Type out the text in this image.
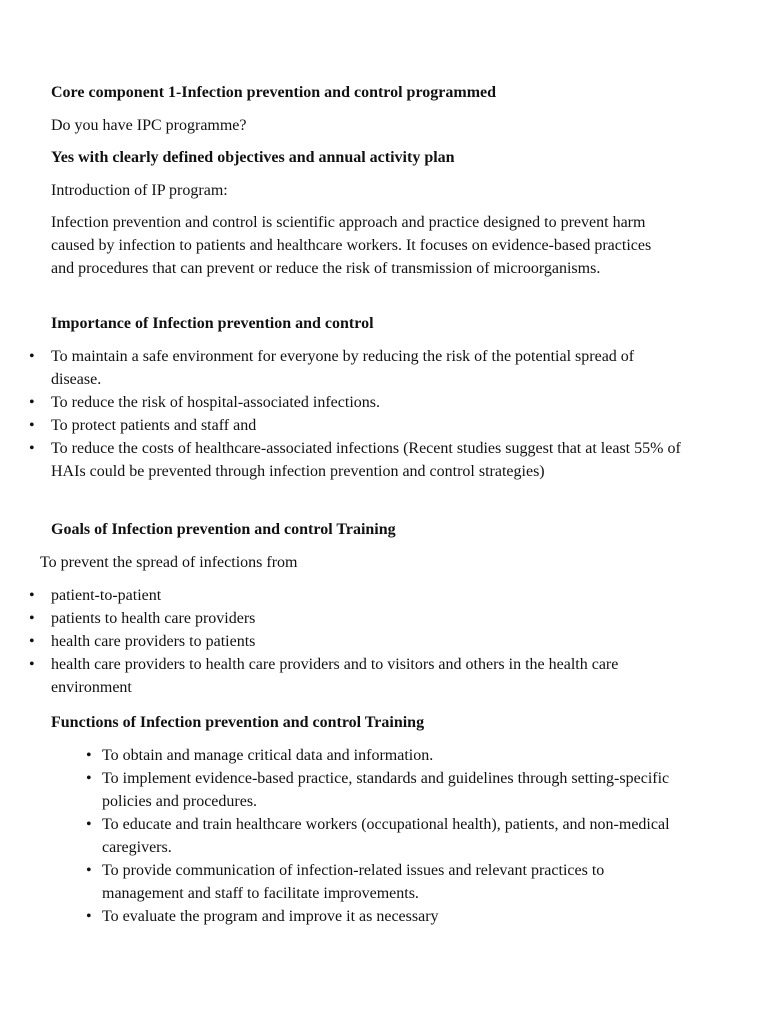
Core component 1-Infection prevention and control programmed

Do you have IPC programme?

Yes with clearly defined objectives and annual activity plan

Introduction of IP program:

Infection prevention and control is scientific approach and practice designed to prevent harm caused by infection to patients and healthcare workers. It focuses on evidence-based practices and procedures that can prevent or reduce the risk of transmission of microorganisms.

Importance of Infection prevention and control

• To maintain a safe environment for everyone by reducing the risk of the potential spread of disease.
• To reduce the risk of hospital-associated infections.
• To protect patients and staff and
• To reduce the costs of healthcare-associated infections (Recent studies suggest that at least 55% of HAIs could be prevented through infection prevention and control strategies)

Goals of Infection prevention and control Training

To prevent the spread of infections from

• patient-to-patient
• patients to health care providers
• health care providers to patients
• health care providers to health care providers and to visitors and others in the health care environment

Functions of Infection prevention and control Training

• To obtain and manage critical data and information.
• To implement evidence-based practice, standards and guidelines through setting-specific policies and procedures.
• To educate and train healthcare workers (occupational health), patients, and non-medical caregivers.
• To provide communication of infection-related issues and relevant practices to management and staff to facilitate improvements.
• To evaluate the program and improve it as necessary
